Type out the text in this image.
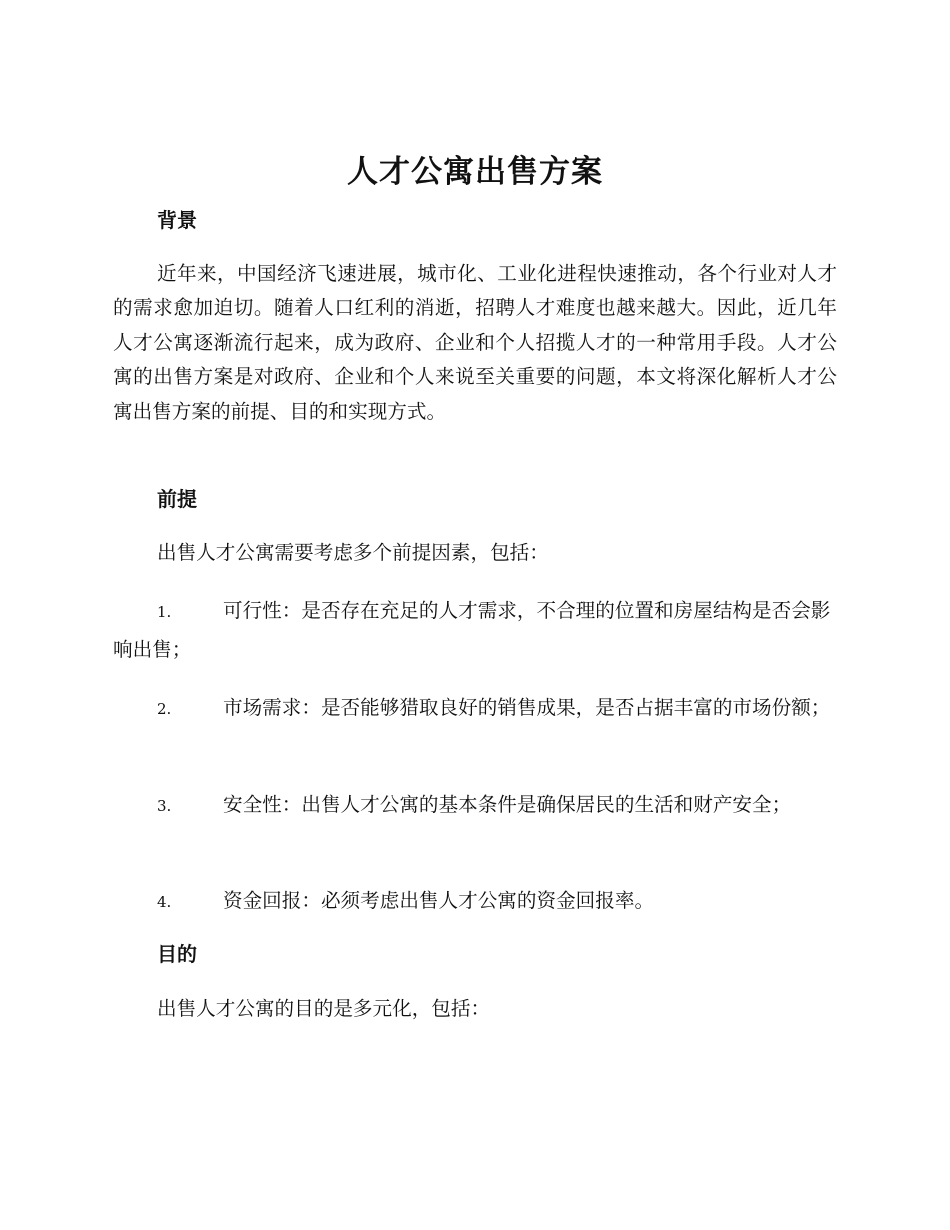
人才公寓出售方案
背景
近年来，中国经济飞速进展，城市化、工业化进程快速推动，各个行业对人才的需求愈加迫切。随着人口红利的消逝，招聘人才难度也越来越大。因此，近几年人才公寓逐渐流行起来，成为政府、企业和个人招揽人才的一种常用手段。人才公寓的出售方案是对政府、企业和个人来说至关重要的问题，本文将深化解析人才公寓出售方案的前提、目的和实现方式。
前提
出售人才公寓需要考虑多个前提因素，包括：
1.	可行性：是否存在充足的人才需求，不合理的位置和房屋结构是否会影响出售；
2.	市场需求：是否能够猎取良好的销售成果，是否占据丰富的市场份额；
3.	安全性：出售人才公寓的基本条件是确保居民的生活和财产安全；
4.	资金回报：必须考虑出售人才公寓的资金回报率。
目的
出售人才公寓的目的是多元化，包括：
